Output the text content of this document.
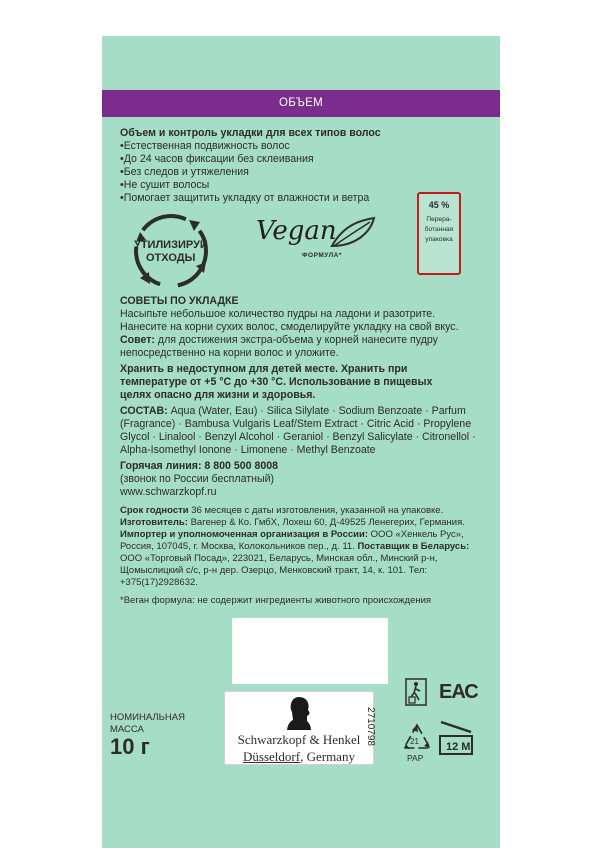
ОБЪЕМ
Объем и контроль укладки для всех типов волос
• Естественная подвижность волос
• До 24 часов фиксации без склеивания
• Без следов и утяжеления
• Не сушит волосы
• Помогает защитить укладку от влажности и ветра
УТИЛИЗИРУЙ
ОТХОДЫ
Vegan
ФОРМУЛА*
45 %
Перера-
ботанная
упаковка
СОВЕТЫ ПО УКЛАДКЕ
Насыпьте небольшое количество пудры на ладони и разотрите.
Нанесите на корни сухих волос, смоделируйте укладку на свой вкус.
Совет: для достижения экстра-объема у корней нанесите пудру
непосредственно на корни волос и уложите.
Хранить в недоступном для детей месте. Хранить при
температуре от +5 °С до +30 °С. Использование в пищевых
целях опасно для жизни и здоровья.
СОСТАВ: Aqua (Water, Eau) · Silica Silylate · Sodium Benzoate · Parfum
(Fragrance) · Bambusa Vulgaris Leaf/Stem Extract · Citric Acid · Propylene
Glycol · Linalool · Benzyl Alcohol · Geraniol · Benzyl Salicylate · Citronellol ·
Alpha-Isomethyl Ionone · Limonene · Methyl Benzoate
Горячая линия: 8 800 500 8008
(звонок по России бесплатный)
www.schwarzkopf.ru
Срок годности 36 месяцев с даты изготовления, указанной на упаковке.
Изготовитель: Вагенер & Ко. ГмбХ, Лохеш 60, Д-49525 Ленегерих, Германия.
Импортер и уполномоченная организация в России: ООО «Хенкель Рус»,
Россия, 107045, г. Москва, Колокольников пер., д. 11. Поставщик в Беларусь:
ООО «Торговый Посад», 223021, Беларусь, Минская обл., Минский р-н,
Щомыслицкий с/с, р-н дер. Озерцо, Менковский тракт, 14, к. 101. Тел:
+375(17)2928632.
*Веган формула: не содержит ингредиенты животного происхождения
ЕАС
21
PAP
12 M
Schwarzkopf & Henkel
Düsseldorf, Germany
2710798
НОМИНАЛЬНАЯ
МАССА
10 г
